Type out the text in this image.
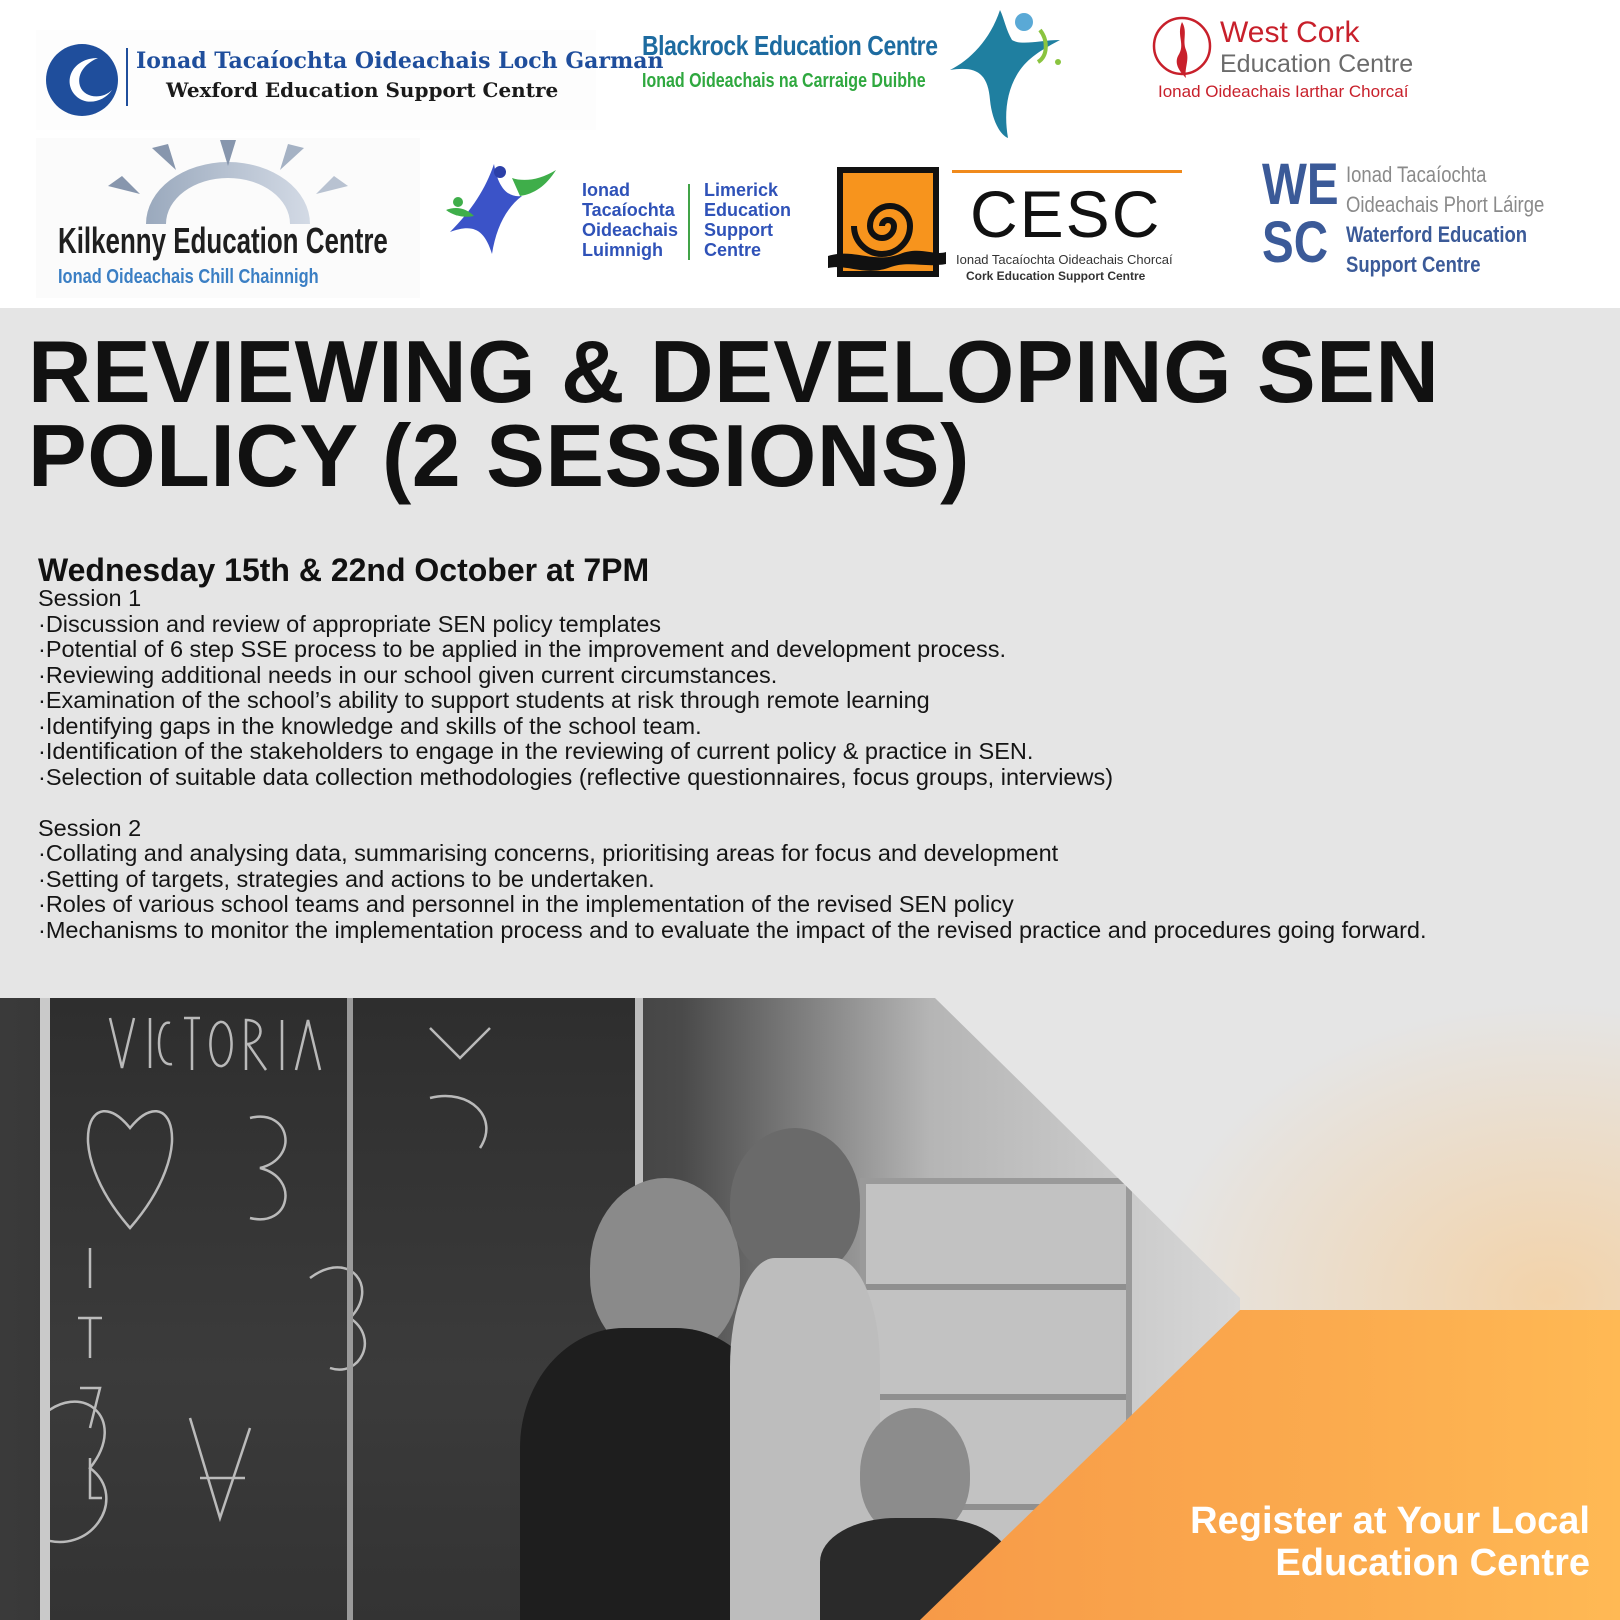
Ionad Tacaíochta Oideachais Loch Garman
Wexford Education Support Centre
Blackrock Education Centre
Ionad Oideachais na Carraige Duibhe
West Cork
Education Centre
Ionad Oideachais Iarthar Chorcaí
Kilkenny Education Centre
Ionad Oideachais Chill Chainnigh
Ionad
Tacaíochta
Oideachais
Luimnigh
Limerick
Education
Support
Centre	CESC
Ionad Tacaíochta Oideachais Chorcaí
Cork Education Support Centre
WE
SC
Ionad Tacaíochta
Oideachais Phort Láirge
Waterford Education
Support Centre
REVIEWING & DEVELOPING SEN
POLICY (2 SESSIONS)
Wednesday 15th & 22nd October at 7PM

Session 1

· Discussion and review of appropriate SEN policy templates
· Potential of 6 step SSE process to be applied in the improvement and development process.
· Reviewing additional needs in our school given current circumstances.
· Examination of the school’s ability to support students at risk through remote learning
· Identifying gaps in the knowledge and skills of the school team.
· Identification of the stakeholders to engage in the reviewing of current policy & practice in SEN.
· Selection of suitable data collection methodologies (reflective questionnaires, focus groups, interviews)

Session 2

· Collating and analysing data, summarising concerns, prioritising areas for focus and development
· Setting of targets, strategies and actions to be undertaken.
· Roles of various school teams and personnel in the implementation of the revised SEN policy
· Mechanisms to monitor the implementation process and to evaluate the impact of the revised practice and procedures going forward.
Register at Your Local
Education Centre
